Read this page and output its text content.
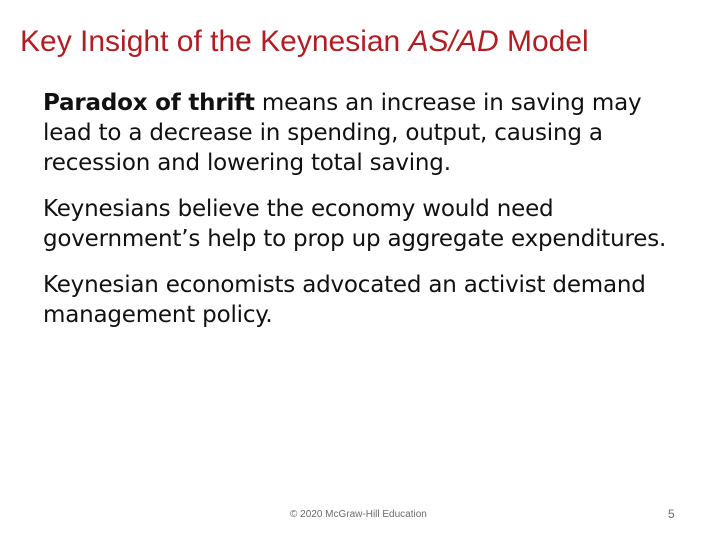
Key Insight of the Keynesian AS/AD Model

Paradox of thrift means an increase in saving may lead to a decrease in spending, output, causing a recession and lowering total saving.

Keynesians believe the economy would need government’s help to prop up aggregate expenditures.

Keynesian economists advocated an activist demand management policy.

© 2020 McGraw-Hill Education	5
